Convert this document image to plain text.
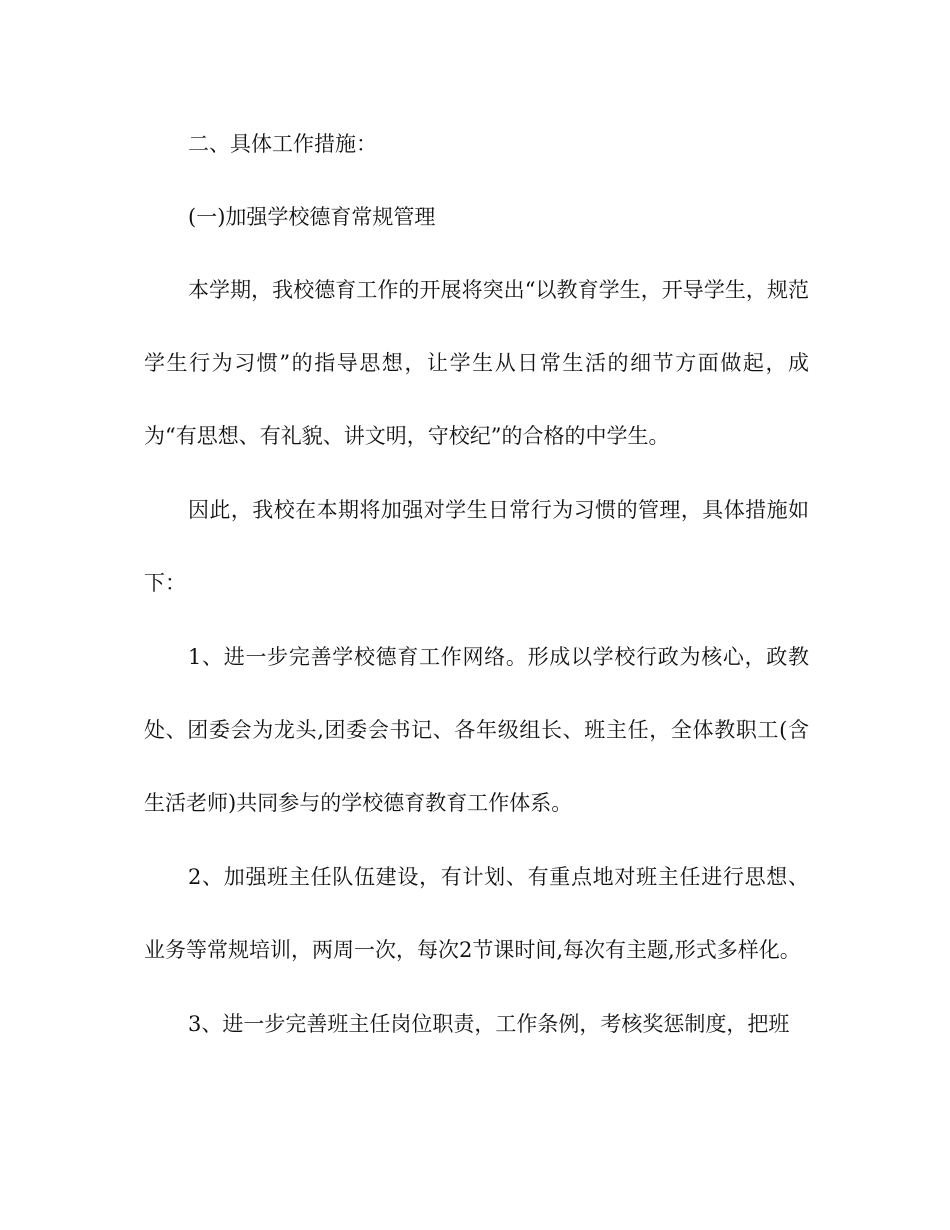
二、具体工作措施：

(一)加强学校德育常规管理

本学期，我校德育工作的开展将突出“以教育学生，开导学生，规范学生行为习惯”的指导思想，让学生从日常生活的细节方面做起，成为“有思想、有礼貌、讲文明，守校纪”的合格的中学生。

因此，我校在本期将加强对学生日常行为习惯的管理，具体措施如下：

1、进一步完善学校德育工作网络。形成以学校行政为核心，政教处、团委会为龙头,团委会书记、各年级组长、班主任，全体教职工(含生活老师)共同参与的学校德育教育工作体系。

2、加强班主任队伍建设，有计划、有重点地对班主任进行思想、业务等常规培训，两周一次，每次2节课时间,每次有主题,形式多样化。

3、进一步完善班主任岗位职责，工作条例，考核奖惩制度，把班
